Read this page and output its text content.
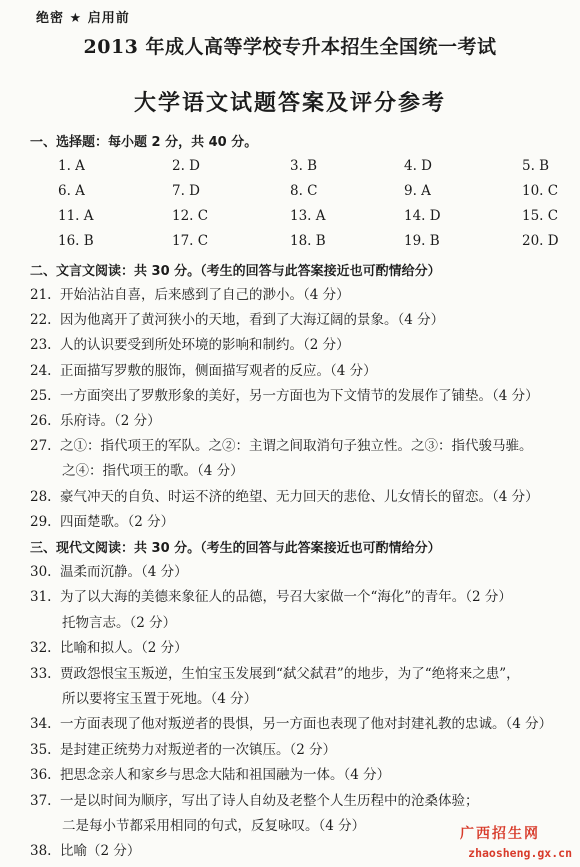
绝密 ★ 启用前
2013 年成人高等学校专升本招生全国统一考试
大学语文试题答案及评分参考
一、选择题：每小题 2 分，共 40 分。
1. A	2. D	3. B	4. D	5. B
6. A	7. D	8. C	9. A	10. C
11. A	12. C	13. A	14. D	15. C
16. B	17. C	18. B	19. B	20. D
二、文言文阅读：共 30 分。（考生的回答与此答案接近也可酌情给分）
21. 开始沾沾自喜，后来感到了自己的渺小。（4 分）
22. 因为他离开了黄河狭小的天地，看到了大海辽阔的景象。（4 分）
23. 人的认识要受到所处环境的影响和制约。（2 分）
24. 正面描写罗敷的服饰，侧面描写观者的反应。（4 分）
25. 一方面突出了罗敷形象的美好，另一方面也为下文情节的发展作了铺垫。（4 分）
26. 乐府诗。（2 分）
27. 之①：指代项王的军队。之②：主谓之间取消句子独立性。之③：指代骏马骓。
之④：指代项王的歌。（4 分）
28. 豪气冲天的自负、时运不济的绝望、无力回天的悲伧、儿女情长的留恋。（4 分）
29. 四面楚歌。（2 分）
三、现代文阅读：共 30 分。（考生的回答与此答案接近也可酌情给分）
30. 温柔而沉静。（4 分）
31. 为了以大海的美德来象征人的品德，号召大家做一个“海化”的青年。（2 分）
托物言志。（2 分）
32. 比喻和拟人。（2 分）
33. 贾政怨恨宝玉叛逆，生怕宝玉发展到“弑父弑君”的地步，为了“绝将来之患”，
所以要将宝玉置于死地。（4 分）
34. 一方面表现了他对叛逆者的畏惧，另一方面也表现了他对封建礼教的忠诚。（4 分）
35. 是封建正统势力对叛逆者的一次镇压。（2 分）
36. 把思念亲人和家乡与思念大陆和祖国融为一体。（4 分）
37. 一是以时间为顺序，写出了诗人自幼及老整个人生历程中的沧桑体验；
二是每小节都采用相同的句式，反复咏叹。（4 分）
38. 比喻（2 分）
广西招生网
zhaosheng.gx.cn
